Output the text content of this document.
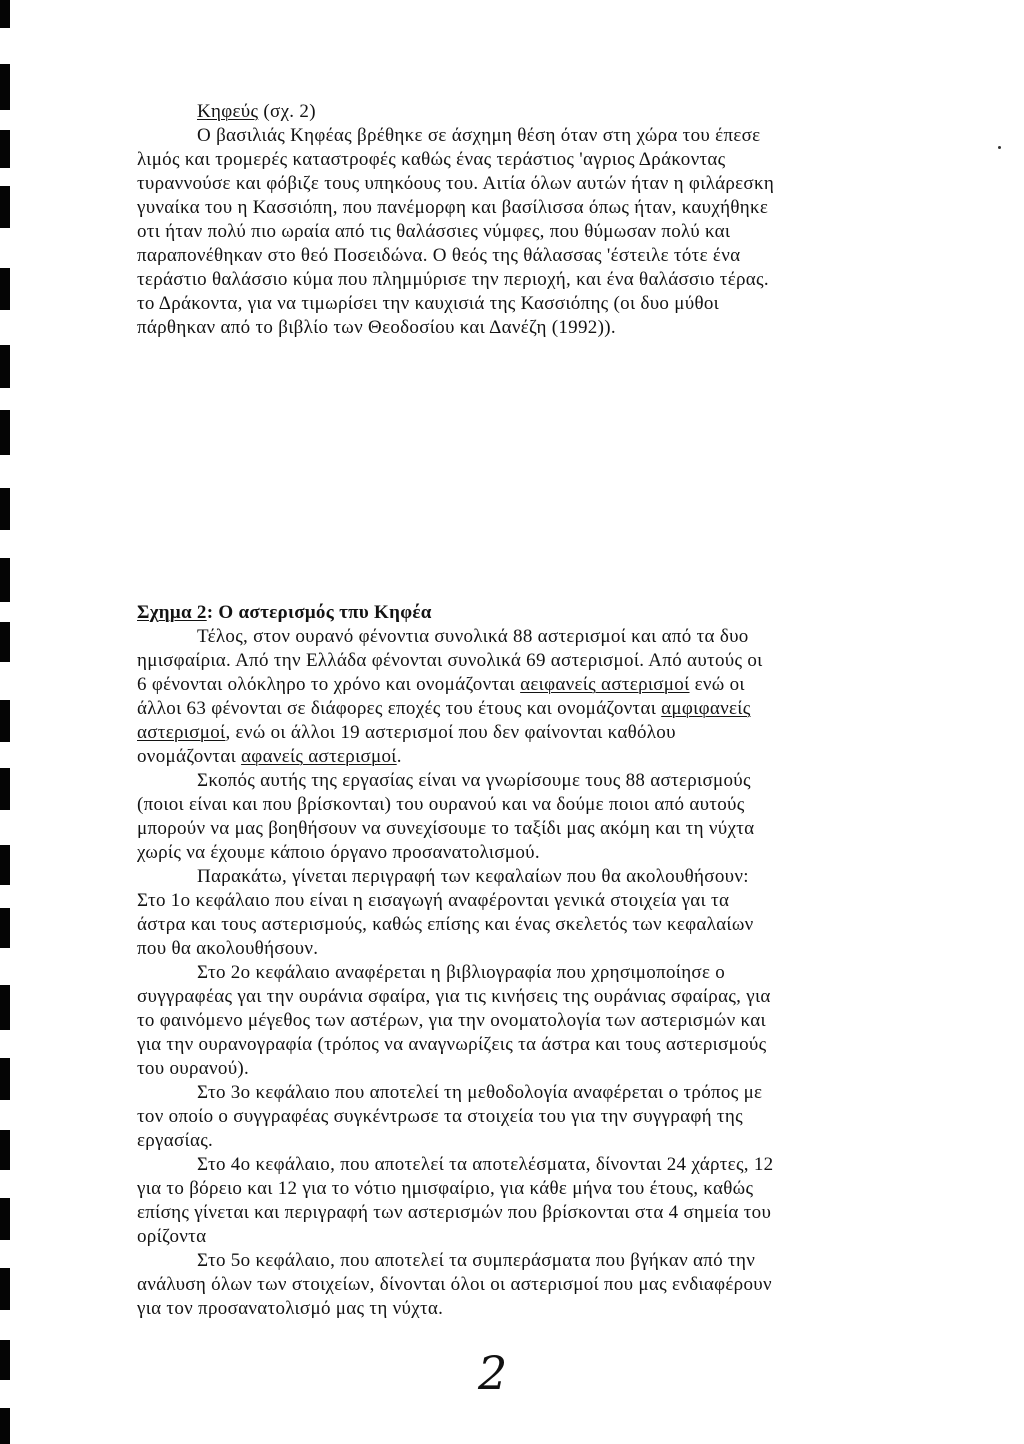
Κηφεύς (σχ. 2)
Ο βασιλιάς Κηφέας βρέθηκε σε άσχημη θέση όταν στη χώρα του έπεσε
λιμός και τρομερές καταστροφές καθώς ένας τεράστιος 'αγριος Δράκοντας
τυραννούσε και φόβιζε τους υπηκόους του. Αιτία όλων αυτών ήταν η φιλάρεσκη
γυναίκα του η Κασσιόπη, που πανέμορφη και βασίλισσα όπως ήταν, καυχήθηκε
οτι ήταν πολύ πιο ωραία από τις θαλάσσιες νύμφες, που θύμωσαν πολύ και
παραπονέθηκαν στο θεό Ποσειδώνα. Ο θεός της θάλασσας 'έστειλε τότε ένα
τεράστιο θαλάσσιο κύμα που πλημμύρισε την περιοχή, και ένα θαλάσσιο τέρας.
το Δράκοντα, για να τιμωρίσει την καυχισιά της Κασσιόπης (οι δυο μύθοι
πάρθηκαν από το βιβλίο των Θεοδοσίου και Δανέζη (1992)).
Σχημα 2: Ο αστερισμός τπυ Κηφέα
Τέλος, στον ουρανό φένοντια συνολικά 88 αστερισμοί και από τα δυο
ημισφαίρια. Από την Ελλάδα φένονται συνολικά 69 αστερισμοί. Από αυτούς οι
6 φένονται ολόκληρο το χρόνο και ονομάζονται αειφανείς αστερισμοί ενώ οι
άλλοι 63 φένονται σε διάφορες εποχές του έτους και ονομάζονται αμφιφανείς
αστερισμοί, ενώ οι άλλοι 19 αστερισμοί που δεν φαίνονται καθόλου
ονομάζονται αφανείς αστερισμοί.
Σκοπός αυτής της εργασίας είναι να γνωρίσουμε τους 88 αστερισμούς
(ποιοι είναι και που βρίσκονται) του ουρανού και να δούμε ποιοι από αυτούς
μπορούν να μας βοηθήσουν να συνεχίσουμε το ταξίδι μας ακόμη και τη νύχτα
χωρίς να έχουμε κάποιο όργανο προσανατολισμού.
Παρακάτω, γίνεται περιγραφή των κεφαλαίων που θα ακολουθήσουν:
Στο 1ο κεφάλαιο που είναι η εισαγωγή αναφέρονται γενικά στοιχεία γαι τα
άστρα και τους αστερισμούς, καθώς επίσης και ένας σκελετός των κεφαλαίων
που θα ακολουθήσουν.
Στο 2ο κεφάλαιο αναφέρεται η βιβλιογραφία που χρησιμοποίησε ο
συγγραφέας γαι την ουράνια σφαίρα, για τις κινήσεις της ουράνιας σφαίρας, για
το φαινόμενο μέγεθος των αστέρων, για την ονοματολογία των αστερισμών και
για την ουρανογραφία (τρόπος να αναγνωρίζεις τα άστρα και τους αστερισμούς
του ουρανού).
Στο 3ο κεφάλαιο που αποτελεί τη μεθοδολογία αναφέρεται ο τρόπος με
τον οποίο ο συγγραφέας συγκέντρωσε τα στοιχεία του για την συγγραφή της
εργασίας.
Στο 4ο κεφάλαιο, που αποτελεί τα αποτελέσματα, δίνονται 24 χάρτες, 12
για το βόρειο και 12 για το νότιο ημισφαίριο, για κάθε μήνα του έτους, καθώς
επίσης γίνεται και περιγραφή των αστερισμών που βρίσκονται στα 4 σημεία του
ορίζοντα
Στο 5ο κεφάλαιο, που αποτελεί τα συμπεράσματα που βγήκαν από την
ανάλυση όλων των στοιχείων, δίνονται όλοι οι αστερισμοί που μας ενδιαφέρουν
για τον προσανατολισμό μας τη νύχτα.
2
